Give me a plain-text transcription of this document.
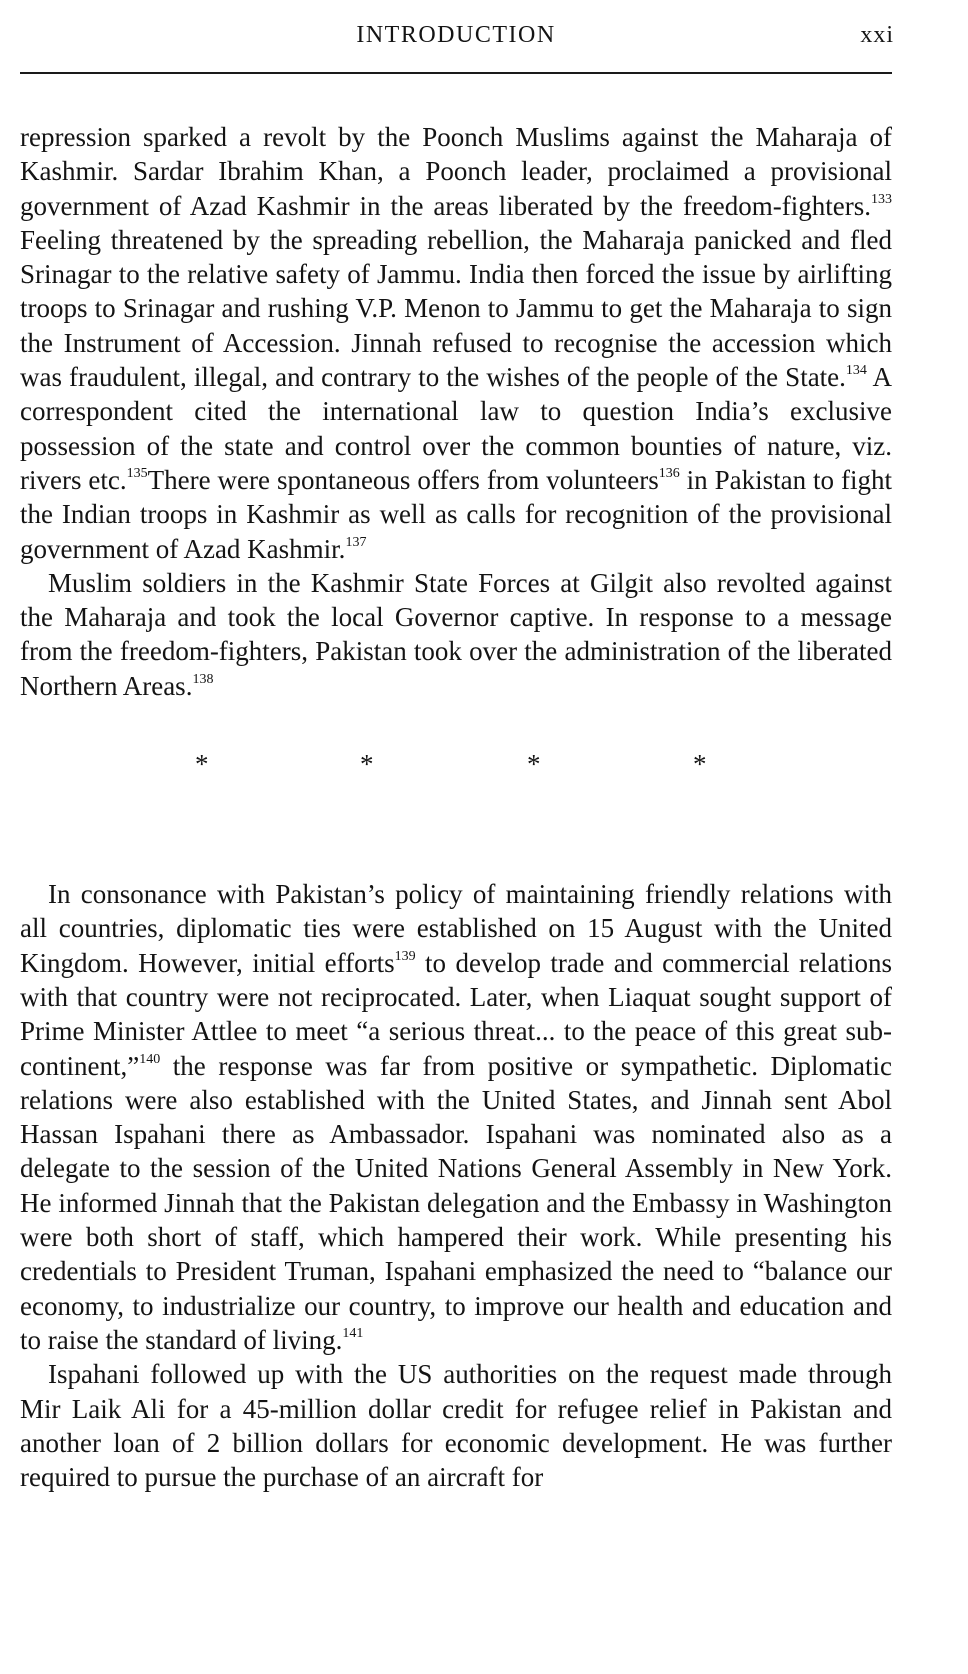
INTRODUCTION	xxi

repression sparked a revolt by the Poonch Muslims against the Maharaja of Kashmir. Sardar Ibrahim Khan, a Poonch leader, proclaimed a provisional government of Azad Kashmir in the areas liberated by the freedom-fighters.$^{133}$ Feeling threatened by the spreading rebellion, the Maharaja panicked and fled Srinagar to the relative safety of Jammu. India then forced the issue by airlifting troops to Srinagar and rushing V.P. Menon to Jammu to get the Maharaja to sign the Instrument of Accession. Jinnah refused to recognise the accession which was fraudulent, illegal, and contrary to the wishes of the people of the State.$^{134}$ A correspondent cited the international law to question India’s exclusive possession of the state and control over the common bounties of nature, viz. rivers etc.$^{135}$There were spontaneous offers from volunteers$^{136}$ in Pakistan to fight the Indian troops in Kashmir as well as calls for recognition of the provisional government of Azad Kashmir.$^{137}$

Muslim soldiers in the Kashmir State Forces at Gilgit also revolted against the Maharaja and took the local Governor captive. In response to a message from the freedom-fighters, Pakistan took over the administration of the liberated Northern Areas.$^{138}$

*	*	*	*

In consonance with Pakistan’s policy of maintaining friendly relations with all countries, diplomatic ties were established on 15 August with the United Kingdom. However, initial efforts$^{139}$ to develop trade and commercial relations with that country were not reciprocated. Later, when Liaquat sought support of Prime Minister Attlee to meet “a serious threat... to the peace of this great sub-continent,”$^{140}$ the response was far from positive or sympathetic. Diplomatic relations were also established with the United States, and Jinnah sent Abol Hassan Ispahani there as Ambassador. Ispahani was nominated also as a delegate to the session of the United Nations General Assembly in New York. He informed Jinnah that the Pakistan delegation and the Embassy in Washington were both short of staff, which hampered their work. While presenting his credentials to President Truman, Ispahani emphasized the need to “balance our economy, to industrialize our country, to improve our health and education and to raise the standard of living.$^{141}$

Ispahani followed up with the US authorities on the request made through Mir Laik Ali for a 45-million dollar credit for refugee relief in Pakistan and another loan of 2 billion dollars for economic development. He was further required to pursue the purchase of an aircraft for
